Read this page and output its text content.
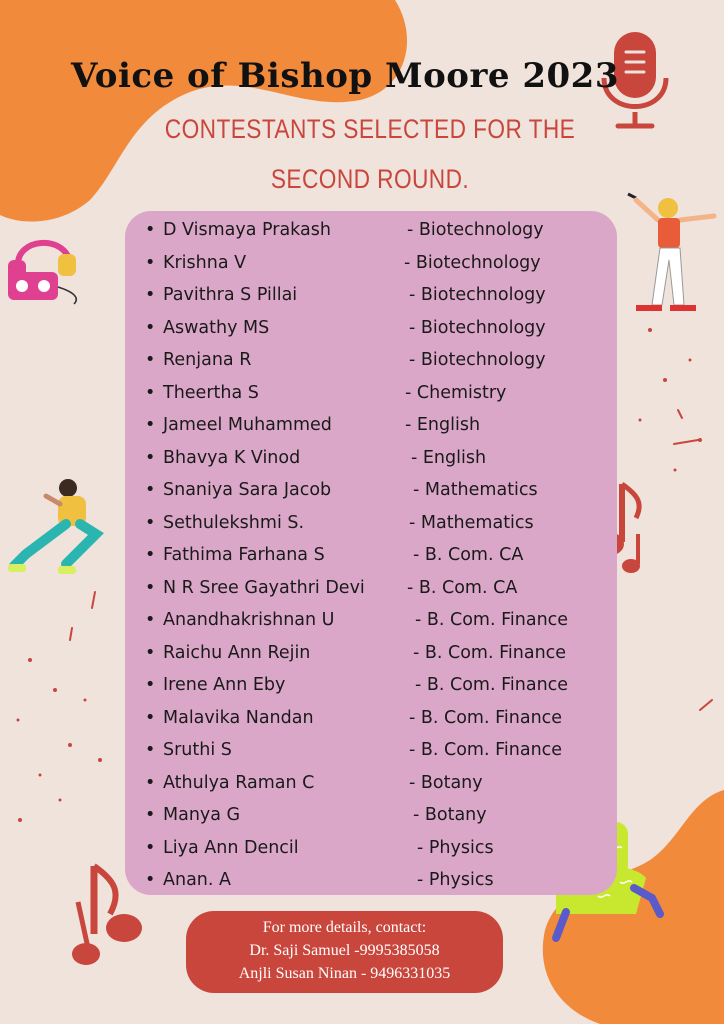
Voice of Bishop Moore 2023
CONTESTANTS SELECTED FOR THE
SECOND ROUND.
• D Vismaya Prakash	- Biotechnology
• Krishna V	- Biotechnology
• Pavithra S Pillai	- Biotechnology
• Aswathy MS	- Biotechnology
• Renjana R	- Biotechnology
• Theertha S	- Chemistry
• Jameel Muhammed	- English
• Bhavya K Vinod	- English
• Snaniya Sara Jacob	- Mathematics
• Sethulekshmi S.	- Mathematics
• Fathima Farhana S	- B. Com. CA
• N R Sree Gayathri Devi - B. Com. CA
• Anandhakrishnan U	- B. Com. Finance
• Raichu Ann Rejin	- B. Com. Finance
• Irene Ann Eby	- B. Com. Finance
• Malavika Nandan	- B. Com. Finance
• Sruthi S	- B. Com. Finance
• Athulya Raman C	- Botany
• Manya G	- Botany
• Liya Ann Dencil	- Physics
• Anan. A	- Physics
For more details, contact:
Dr. Saji Samuel -9995385058
Anjli Susan Ninan - 9496331035
